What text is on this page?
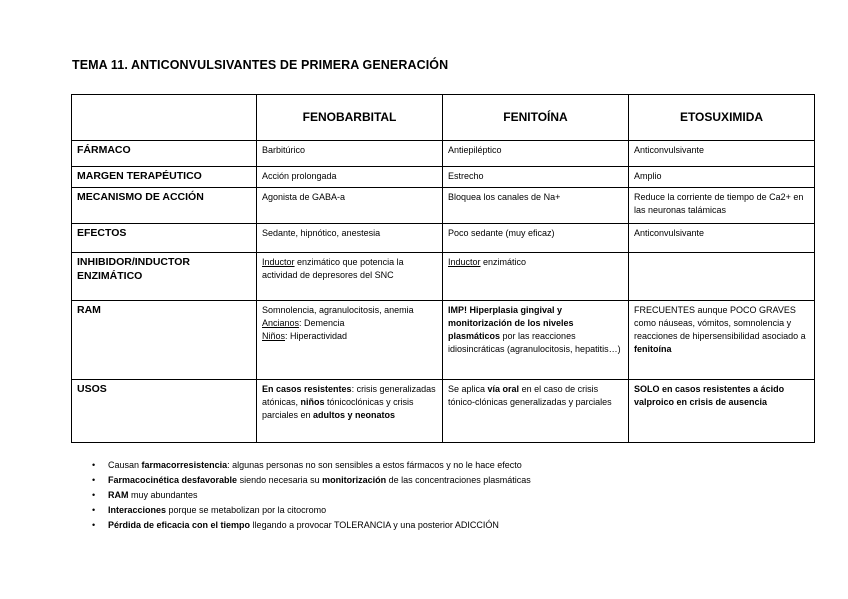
TEMA 11. ANTICONVULSIVANTES DE PRIMERA GENERACIÓN
	FENOBARBITAL	FENITOÍNA	ETOSUXIMIDA
FÁRMACO	Barbitúrico	Antiepiléptico	Anticonvulsivante
MARGEN TERAPÉUTICO	Acción prolongada	Estrecho	Amplio
MECANISMO DE ACCIÓN	Agonista de GABA-a	Bloquea los canales de Na+	Reduce la corriente de tiempo de Ca2+ en las neuronas talámicas
EFECTOS	Sedante, hipnótico, anestesia	Poco sedante (muy eficaz)	Anticonvulsivante
INHIBIDOR/INDUCTOR ENZIMÁTICO	Inductor enzimático que potencia la actividad de depresores del SNC	Inductor enzimático	
RAM	Somnolencia, agranulocitosis, anemia
Ancianos: Demencia
Niños: Hiperactividad	IMP! Hiperplasia gingival y monitorización de los niveles plasmáticos por las reacciones idiosincráticas (agranulocitosis, hepatitis…)	FRECUENTES aunque POCO GRAVES como náuseas, vómitos, somnolencia y reacciones de hipersensibilidad asociado a fenitoína
USOS	En casos resistentes: crisis generalizadas atónicas, niños tónicoclónicas y crisis parciales en adultos y neonatos	Se aplica vía oral en el caso de crisis tónico-clónicas generalizadas y parciales	SOLO en casos resistentes a ácido valproico en crisis de ausencia
• Causan farmacorresistencia: algunas personas no son sensibles a estos fármacos y no le hace efecto
• Farmacocinética desfavorable siendo necesaria su monitorización de las concentraciones plasmáticas
• RAM muy abundantes
• Interacciones porque se metabolizan por la citocromo
• Pérdida de eficacia con el tiempo llegando a provocar TOLERANCIA y una posterior ADICCIÓN
